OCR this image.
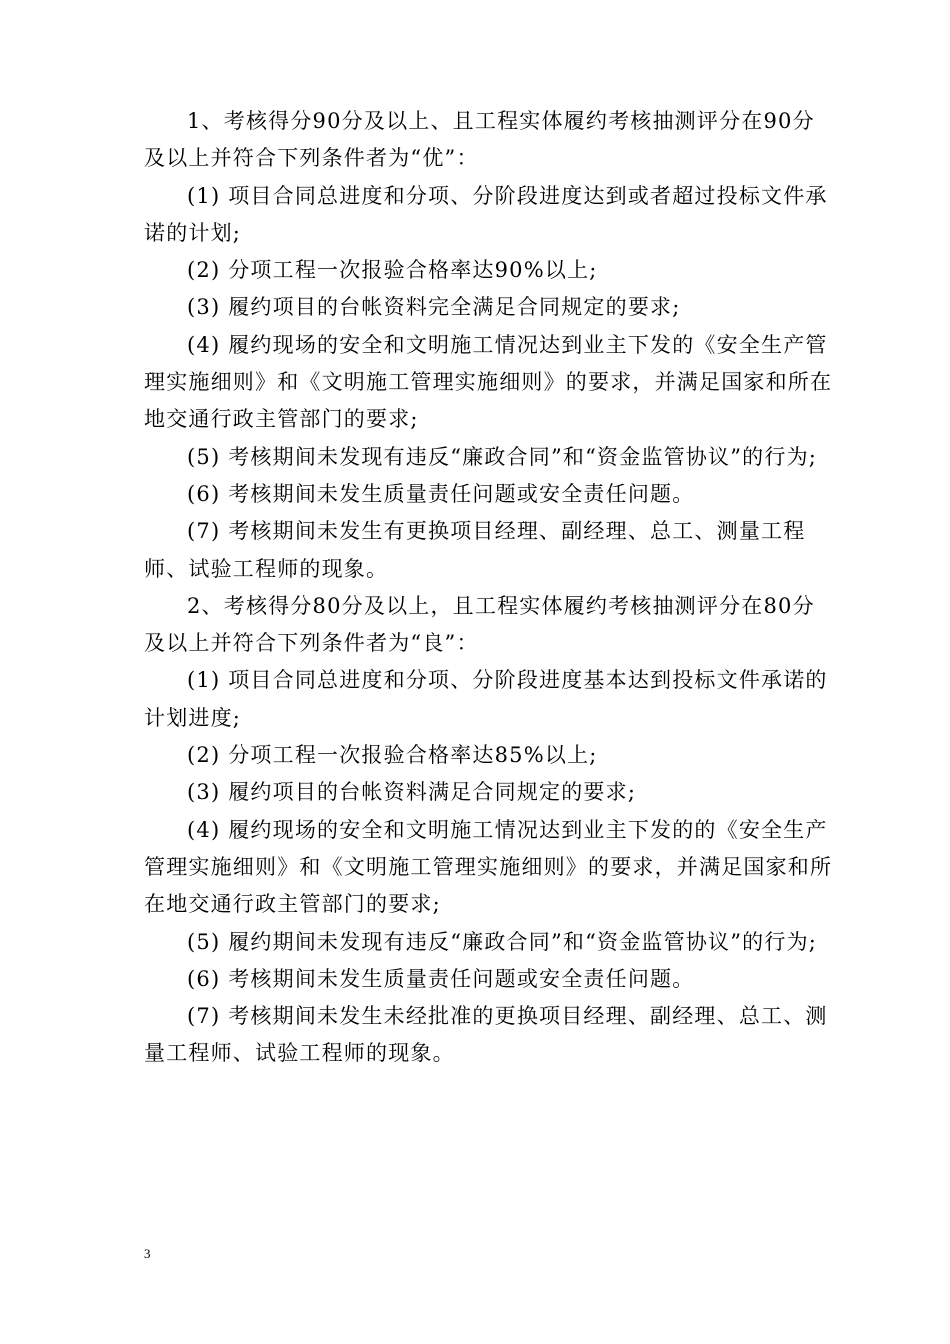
1、考核得分90分及以上、且工程实体履约考核抽测评分在90分及以上并符合下列条件者为“优”：

(1) 项目合同总进度和分项、分阶段进度达到或者超过投标文件承诺的计划;

(2) 分项工程一次报验合格率达90%以上;

(3) 履约项目的台帐资料完全满足合同规定的要求;

(4) 履约现场的安全和文明施工情况达到业主下发的《安全生产管理实施细则》和《文明施工管理实施细则》的要求，并满足国家和所在地交通行政主管部门的要求;

(5) 考核期间未发现有违反“廉政合同”和“资金监管协议”的行为;

(6) 考核期间未发生质量责任问题或安全责任问题。

(7) 考核期间未发生有更换项目经理、副经理、总工、测量工程师、试验工程师的现象。

2、考核得分80分及以上，且工程实体履约考核抽测评分在80分及以上并符合下列条件者为“良”：

(1) 项目合同总进度和分项、分阶段进度基本达到投标文件承诺的计划进度;

(2) 分项工程一次报验合格率达85%以上;

(3) 履约项目的台帐资料满足合同规定的要求;

(4) 履约现场的安全和文明施工情况达到业主下发的的《安全生产管理实施细则》和《文明施工管理实施细则》的要求，并满足国家和所在地交通行政主管部门的要求;

(5) 履约期间未发现有违反“廉政合同”和“资金监管协议”的行为;

(6) 考核期间未发生质量责任问题或安全责任问题。

(7) 考核期间未发生未经批准的更换项目经理、副经理、总工、测量工程师、试验工程师的现象。

3
